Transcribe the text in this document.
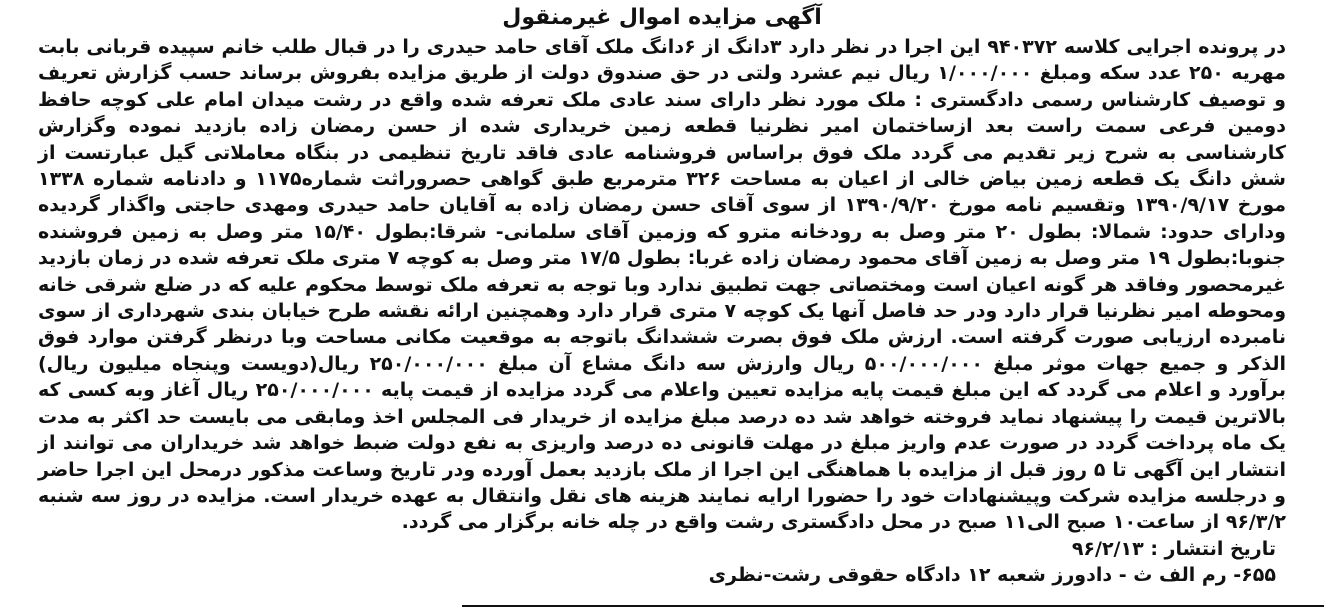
آگهی مزایده اموال غیرمنقول

در پرونده اجرایی کلاسه ۹۴۰۳۷۲ این اجرا در نظر دارد ۳دانگ از ۶دانگ ملک آقای حامد حیدری را در قبال طلب خانم سپیده قربانی بابت مهریه ۲۵۰ عدد سکه ومبلغ ۱/۰۰۰/۰۰۰ ریال نیم عشرد ولتی در حق صندوق دولت از طریق مزایده بفروش برساند حسب گزارش تعریف و توصیف کارشناس رسمی دادگستری : ملک مورد نظر دارای سند عادی ملک تعرفه شده واقع در رشت میدان امام علی کوچه حافظ دومین فرعی سمت راست بعد ازساختمان امیر نظرنیا قطعه زمین خریداری شده از حسن رمضان زاده بازدید نموده وگزارش کارشناسی به شرح زیر تقدیم می گردد ملک فوق براساس فروشنامه عادی فاقد تاریخ تنظیمی در بنگاه معاملاتی گیل عبارتست از شش دانگ یک قطعه زمین بیاض خالی از اعیان به مساحت ۳۲۶ مترمربع طبق گواهی حصروراثت شماره۱۱۷۵ و دادنامه شماره ۱۳۳۸ مورخ ۱۳۹۰/۹/۱۷ وتقسیم نامه مورخ ۱۳۹۰/۹/۲۰ از سوی آقای حسن رمضان زاده به آقایان حامد حیدری ومهدی حاجتی واگذار گردیده ودارای حدود: شمالا: بطول ۲۰ متر وصل به رودخانه مترو که وزمین آقای سلمانی- شرقا:بطول ۱۵/۴۰ متر وصل به زمین فروشنده جنوبا:بطول ۱۹ متر وصل به زمین آقای محمود رمضان زاده غربا: بطول ۱۷/۵ متر وصل به کوچه ۷ متری ملک تعرفه شده در زمان بازدید غیرمحصور وفاقد هر گونه اعیان است ومختصاتی جهت تطبیق ندارد وبا توجه به تعرفه ملک توسط محکوم علیه که در ضلع شرقی خانه ومحوطه امیر نظرنیا قرار دارد ودر حد فاصل آنها یک کوچه ۷ متری قرار دارد وهمچنین ارائه نقشه طرح خیابان بندی شهرداری از سوی نامبرده ارزیابی صورت گرفته است. ارزش ملک فوق بصرت ششدانگ باتوجه به موقعیت مکانی مساحت وبا درنظر گرفتن موارد فوق الذکر و جمیع جهات موثر مبلغ ۵۰۰/۰۰۰/۰۰۰ ریال وارزش سه دانگ مشاع آن مبلغ ۲۵۰/۰۰۰/۰۰۰ ریال(دویست وپنجاه میلیون ریال) برآورد و اعلام می گردد که این مبلغ قیمت پایه مزایده تعیین واعلام می گردد مزایده از قیمت پایه ۲۵۰/۰۰۰/۰۰۰ ریال آغاز وبه کسی که بالاترین قیمت را پیشنهاد نماید فروخته خواهد شد ده درصد مبلغ مزایده از خریدار فی المجلس اخذ ومابقی می بایست حد اکثر به مدت یک ماه پرداخت گردد در صورت عدم واریز مبلغ در مهلت قانونی ده درصد واریزی به نفع دولت ضبط خواهد شد خریداران می توانند از انتشار این آگهی تا ۵ روز قبل از مزایده با هماهنگی این اجرا از ملک بازدید بعمل آورده ودر تاریخ وساعت مذکور درمحل این اجرا حاضر و درجلسه مزایده شرکت وپیشنهادات خود را حضورا ارایه نمایند هزینه های نقل وانتقال به عهده خریدار است. مزایده در روز سه شنبه ۹۶/۳/۲ از ساعت۱۰ صبح الی۱۱ صبح در محل دادگستری رشت واقع در چله خانه برگزار می گردد.

تاریخ انتشار : ۹۶/۲/۱۳

۶۵۵- رم الف ث - دادورز شعبه ۱۲ دادگاه حقوقی رشت-نظری
